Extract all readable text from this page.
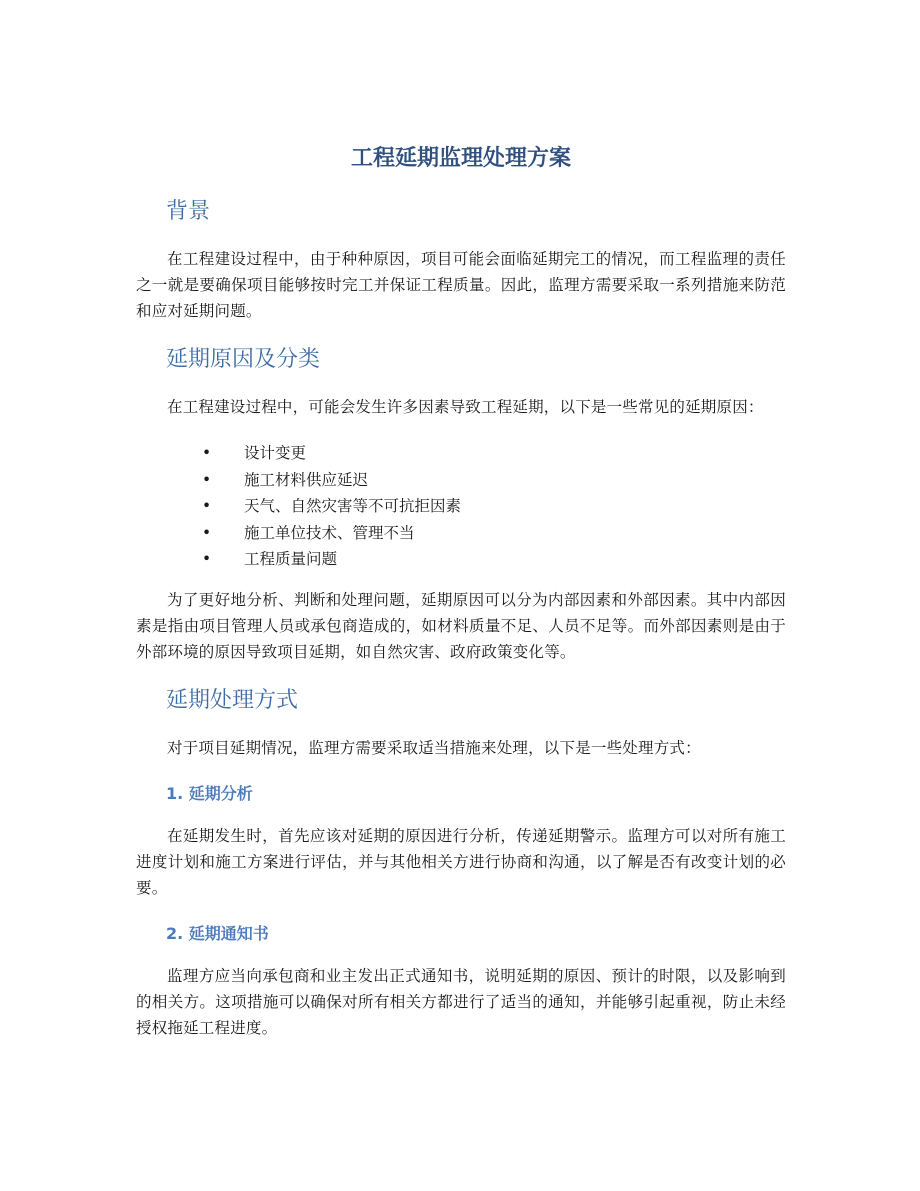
工程延期监理处理方案
背景

在工程建设过程中，由于种种原因，项目可能会面临延期完工的情况，而工程监理的责任之一就是要确保项目能够按时完工并保证工程质量。因此，监理方需要采取一系列措施来防范和应对延期问题。

延期原因及分类

在工程建设过程中，可能会发生许多因素导致工程延期，以下是一些常见的延期原因：

• 设计变更
• 施工材料供应延迟
• 天气、自然灾害等不可抗拒因素
• 施工单位技术、管理不当
• 工程质量问题

为了更好地分析、判断和处理问题，延期原因可以分为内部因素和外部因素。其中内部因素是指由项目管理人员或承包商造成的，如材料质量不足、人员不足等。而外部因素则是由于外部环境的原因导致项目延期，如自然灾害、政府政策变化等。

延期处理方式

对于项目延期情况，监理方需要采取适当措施来处理，以下是一些处理方式：

1. 延期分析

在延期发生时，首先应该对延期的原因进行分析，传递延期警示。监理方可以对所有施工进度计划和施工方案进行评估，并与其他相关方进行协商和沟通，以了解是否有改变计划的必要。

2. 延期通知书

监理方应当向承包商和业主发出正式通知书，说明延期的原因、预计的时限，以及影响到的相关方。这项措施可以确保对所有相关方都进行了适当的通知，并能够引起重视，防止未经授权拖延工程进度。
